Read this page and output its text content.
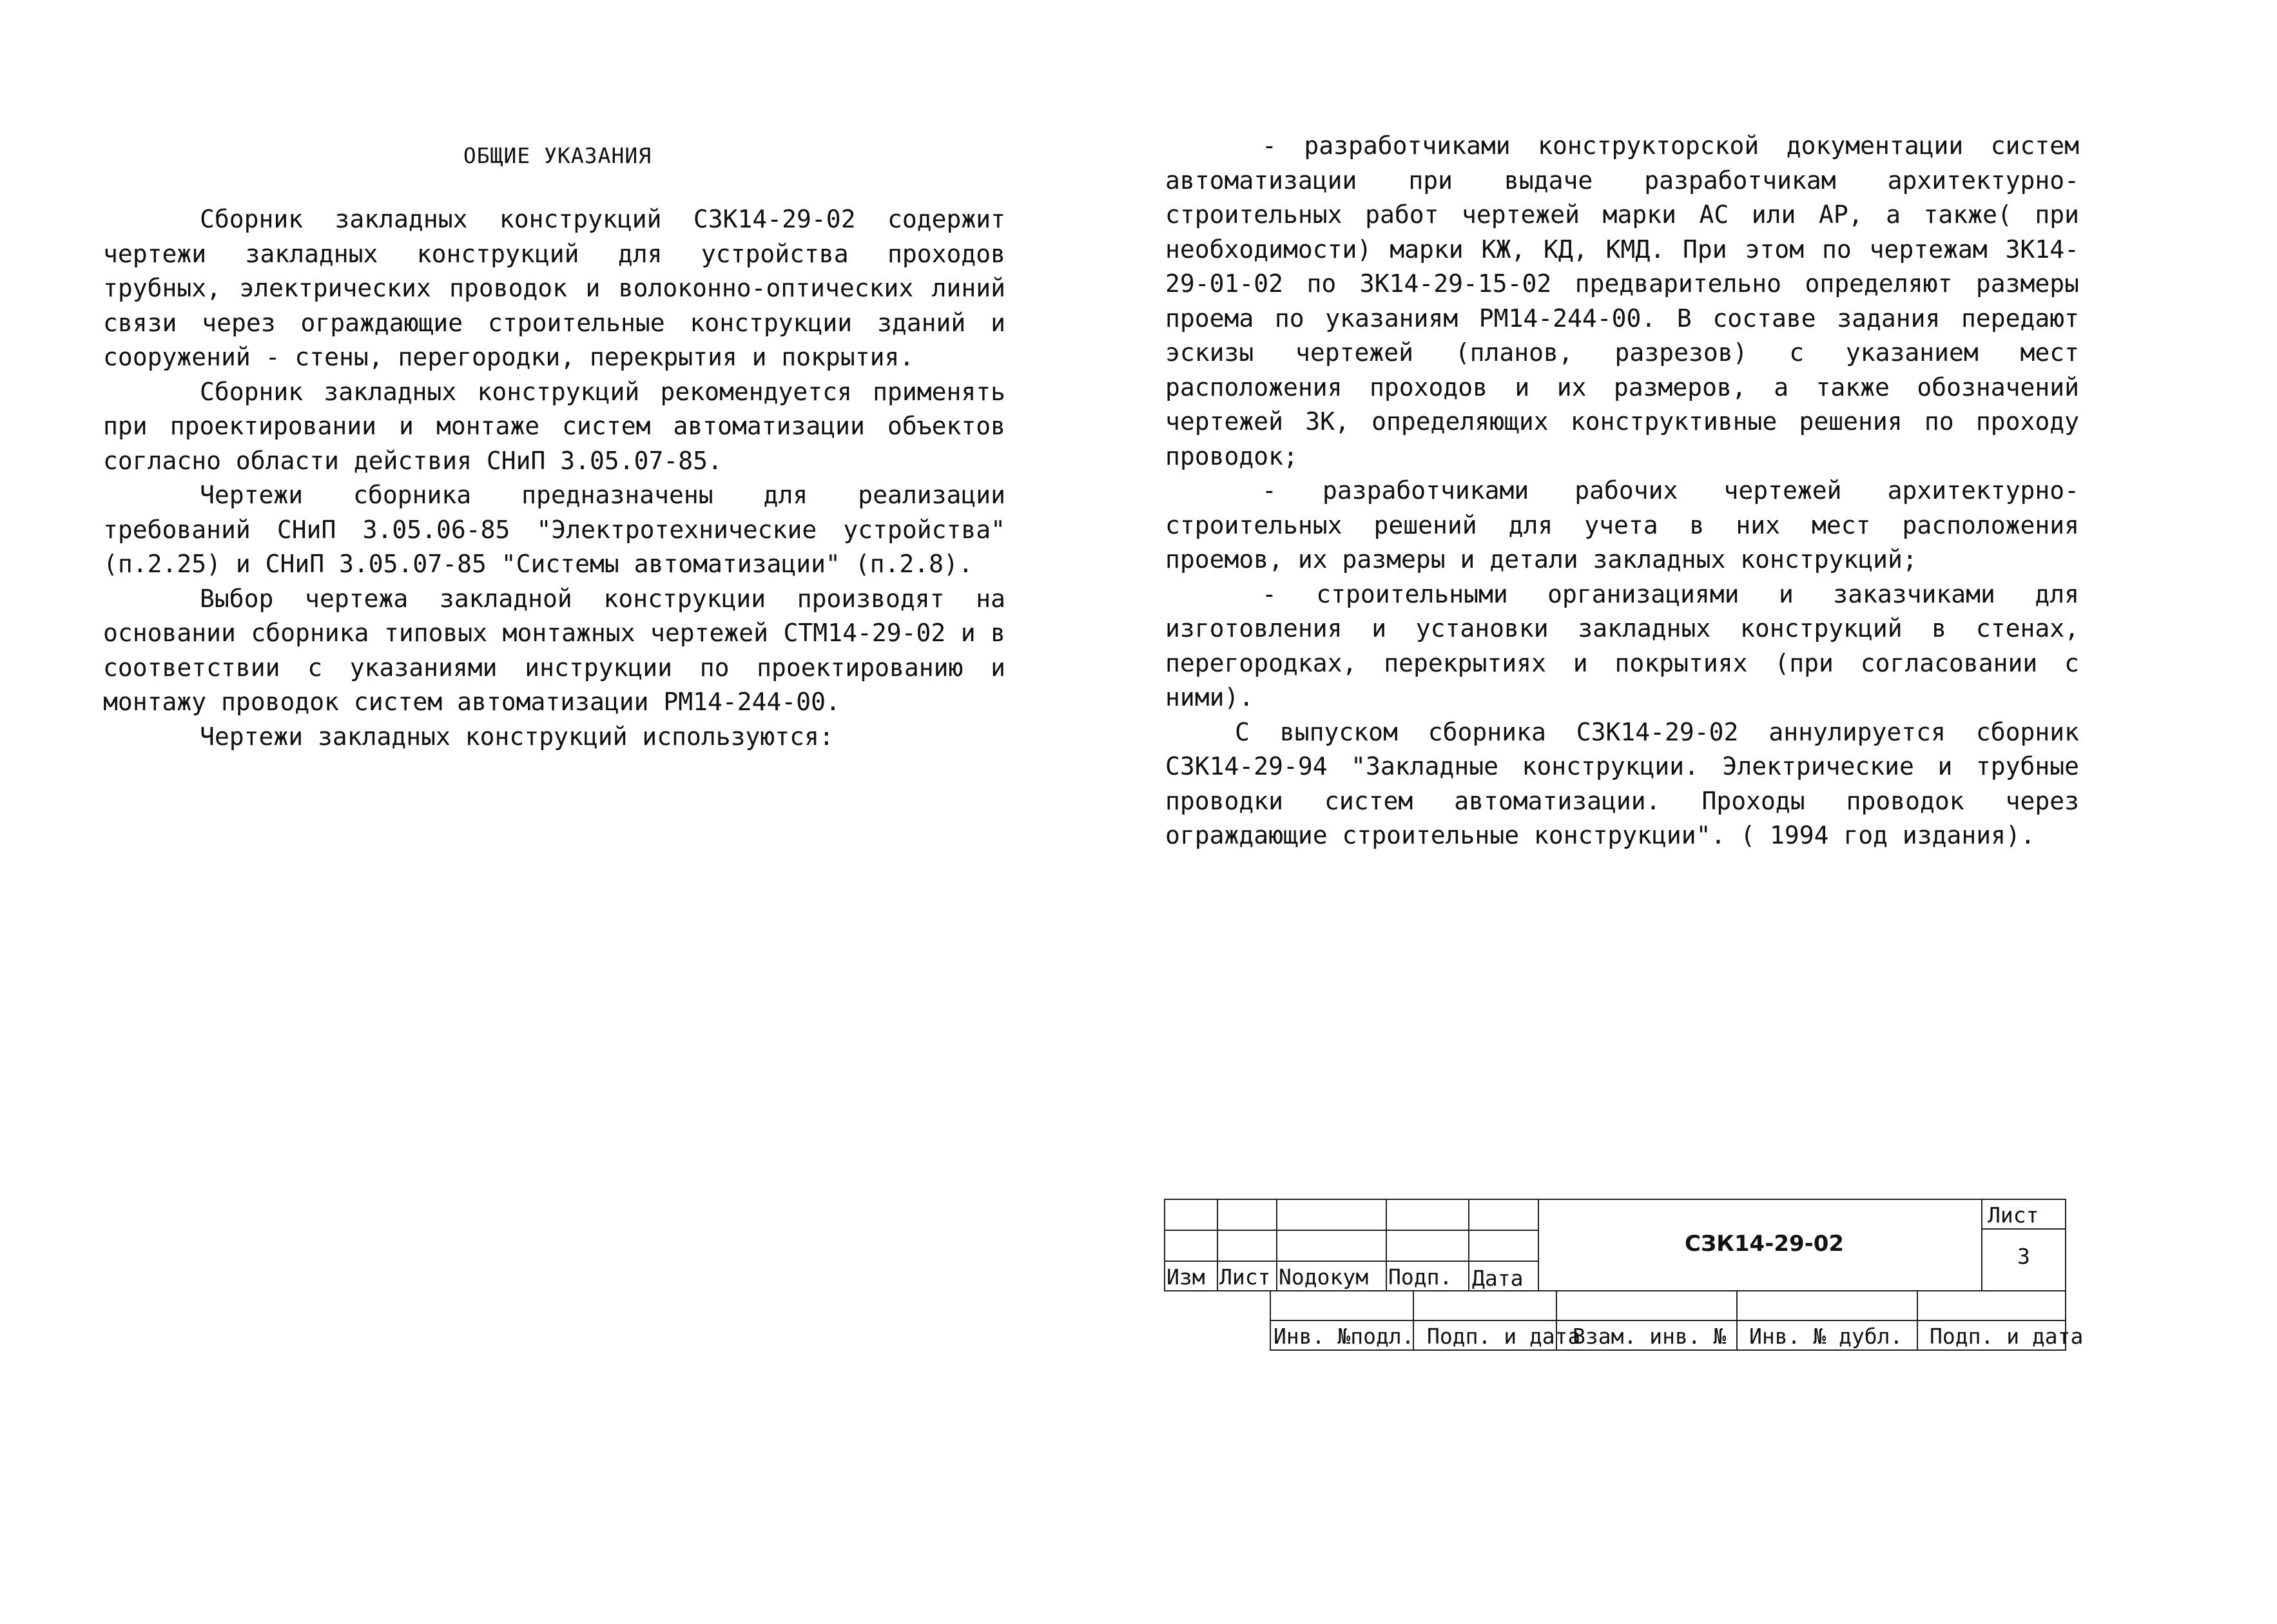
ОБЩИЕ УКАЗАНИЯ

Сборник закладных конструкций СЗК14-29-02 содержит чертежи закладных конструкций для устройства проходов трубных, электрических проводок и волоконно-оптических линий связи через ограждающие строительные конструкции зданий и сооружений - стены, перегородки, перекрытия и покрытия.

Сборник закладных конструкций рекомендуется применять при проектировании и монтаже систем автоматизации объектов согласно области действия СНиП 3.05.07-85.

Чертежи сборника предназначены для реализации требований СНиП 3.05.06-85 "Электротехнические устройства" (п.2.25) и СНиП 3.05.07-85 "Системы автоматизации" (п.2.8).

Выбор чертежа закладной конструкции производят на основании сборника типовых монтажных чертежей СТМ14-29-02 и в соответствии с указаниями инструкции по проектированию и монтажу проводок систем автоматизации РМ14-244-00.

Чертежи закладных конструкций используются:

- разработчиками конструкторской документации систем автоматизации при выдаче разработчикам архитектурно-строительных работ чертежей марки АС или АР, а также( при необходимости) марки КЖ, КД, КМД. При этом по чертежам ЗК14-29-01-02 по ЗК14-29-15-02 предварительно определяют размеры проема по указаниям РМ14-244-00. В составе задания передают эскизы чертежей (планов, разрезов) с указанием мест расположения проходов и их размеров, а также обозначений чертежей ЗК, определяющих конструктивные решения по проходу проводок;

- разработчиками рабочих чертежей архитектурно-строительных решений для учета в них мест расположения проемов, их размеры и детали закладных конструкций;

- строительными организациями и заказчиками для изготовления и установки закладных конструкций в стенах, перегородках, перекрытиях и покрытиях (при согласовании с ними).

С выпуском сборника СЗК14-29-02 аннулируется сборник СЗК14-29-94 "Закладные конструкции. Электрические и трубные проводки систем автоматизации. Проходы проводок через ограждающие строительные конструкции". ( 1994 год издания).

Изм Лист Nодокум Подп. Дата
СЗК14-29-02
Лист
3
Инв. №подл. Подп. и дата
Взам. инв. № Инв. № дубл. Подп. и дата
